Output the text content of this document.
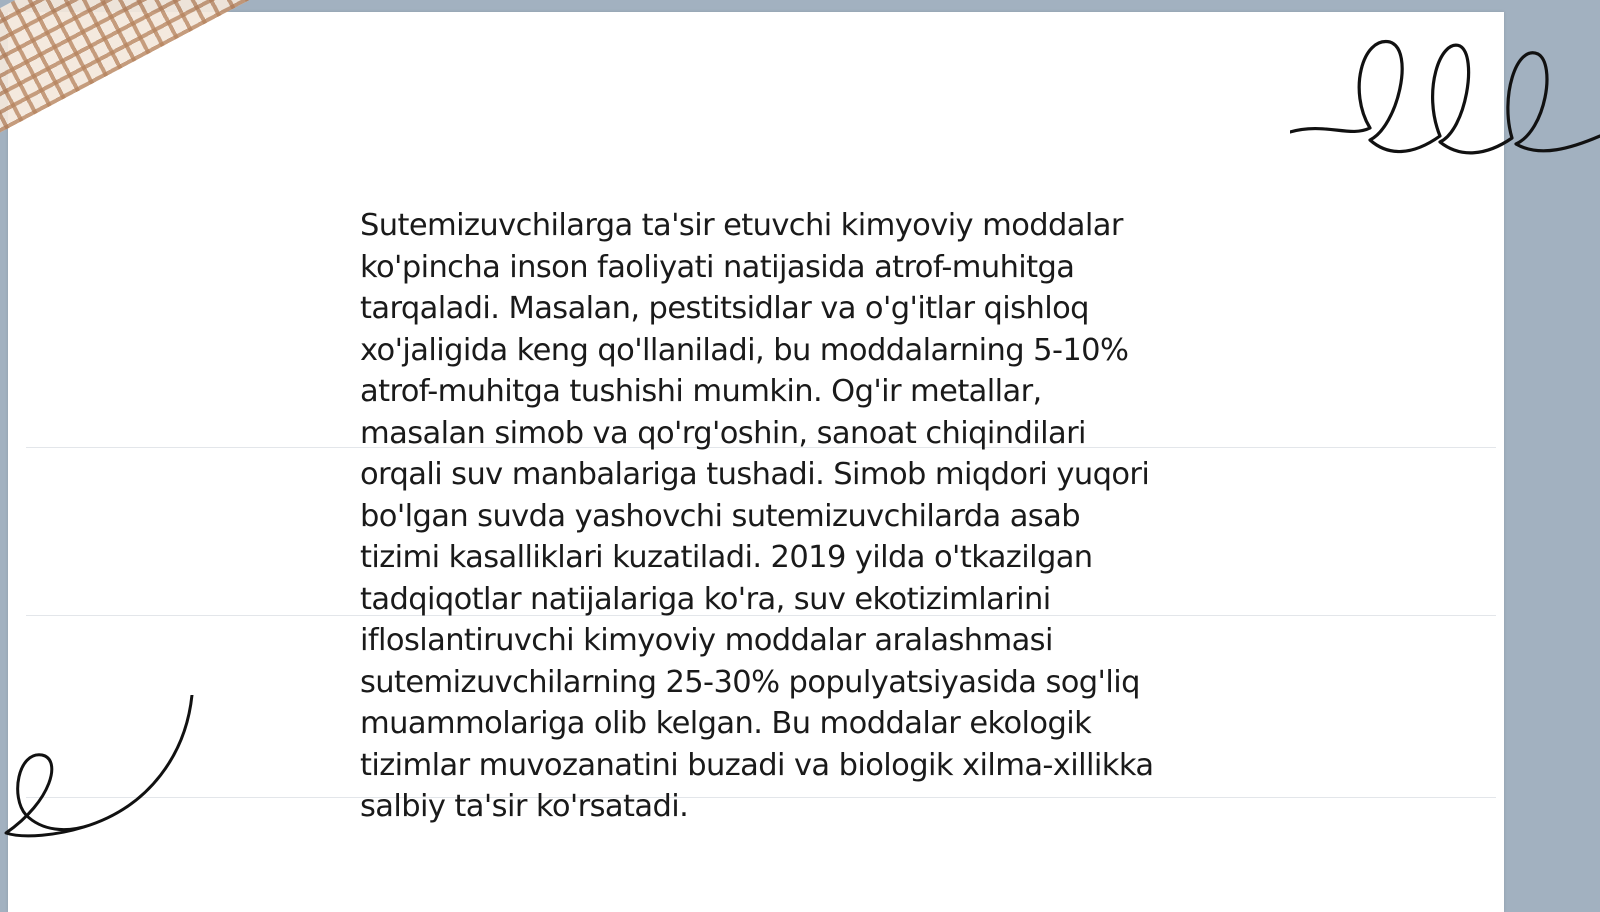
Sutemizuvchilarga ta'sir etuvchi kimyoviy moddalar
ko'pincha inson faoliyati natijasida atrof-muhitga
tarqaladi. Masalan, pestitsidlar va o'g'itlar qishloq
xo'jaligida keng qo'llaniladi, bu moddalarning 5-10%
atrof-muhitga tushishi mumkin. Og'ir metallar,
masalan simob va qo'rg'oshin, sanoat chiqindilari
orqali suv manbalariga tushadi. Simob miqdori yuqori
bo'lgan suvda yashovchi sutemizuvchilarda asab
tizimi kasalliklari kuzatiladi. 2019 yilda o'tkazilgan
tadqiqotlar natijalariga ko'ra, suv ekotizimlarini
ifloslantiruvchi kimyoviy moddalar aralashmasi
sutemizuvchilarning 25-30% populyatsiyasida sog'liq
muammolariga olib kelgan. Bu moddalar ekologik
tizimlar muvozanatini buzadi va biologik xilma-xillikka
salbiy ta'sir ko'rsatadi.
